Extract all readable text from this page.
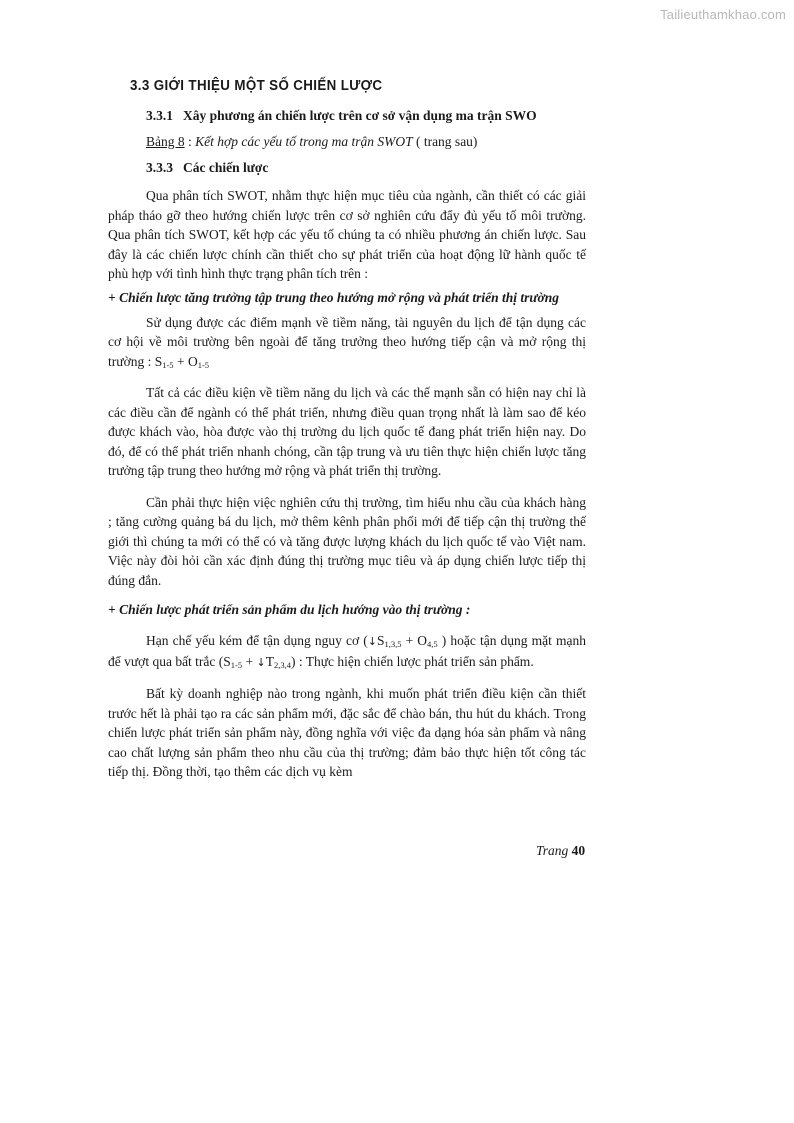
Tailieuthamkhao.com
3.3 GIỚI THIỆU MỘT SỐ CHIẾN LƯỢC
3.3.1 Xây phương án chiến lược trên cơ sở vận dụng ma trận SWO
Bảng 8 : Kết hợp các yếu tố trong ma trận SWOT ( trang sau)
3.3.3 Các chiến lược

Qua phân tích SWOT, nhằm thực hiện mục tiêu của ngành, cần thiết có các giải pháp tháo gỡ theo hướng chiến lược trên cơ sở nghiên cứu đẩy đủ yếu tố môi trường. Qua phân tích SWOT, kết hợp các yếu tố chúng ta có nhiều phương án chiến lược. Sau đây là các chiến lược chính cần thiết cho sự phát triển của hoạt động lữ hành quốc tế phù hợp với tình hình thực trạng phân tích trên :

+ Chiến lược tăng trưởng tập trung theo hướng mở rộng và phát triển thị trường

Sử dụng được các điểm mạnh về tiềm năng, tài nguyên du lịch để tận dụng các cơ hội về môi trường bên ngoài để tăng trưởng theo hướng tiếp cận và mở rộng thị trường : $S_{1-5} + O_{1-5}$

Tất cả các điều kiện về tiềm năng du lịch và các thế mạnh sẵn có hiện nay chỉ là các điều cần để ngành có thể phát triển, nhưng điều quan trọng nhất là làm sao để kéo được khách vào, hòa được vào thị trường du lịch quốc tế đang phát triển hiện nay. Do đó, để có thể phát triển nhanh chóng, cần tập trung và ưu tiên thực hiện chiến lược tăng trưởng tập trung theo hướng mở rộng và phát triển thị trường.

Cần phải thực hiện việc nghiên cứu thị trường, tìm hiểu nhu cầu của khách hàng ; tăng cường quảng bá du lịch, mở thêm kênh phân phối mới để tiếp cận thị trường thế giới thì chúng ta mới có thể có và tăng được lượng khách du lịch quốc tế vào Việt nam. Việc này đòi hỏi cần xác định đúng thị trường mục tiêu và áp dụng chiến lược tiếp thị đúng đắn.

+ Chiến lược phát triển sản phẩm du lịch hướng vào thị trường :

Hạn chế yếu kém để tận dụng nguy cơ ($↓S_{1,3,5} + O_{4,5}$ ) hoặc tận dụng mặt mạnh để vượt qua bất trắc ($S_{1-5}$ + $↓T_{2,3,4}$) : Thực hiện chiến lược phát triển sản phẩm.

Bất kỳ doanh nghiệp nào trong ngành, khi muốn phát triển điều kiện cần thiết trước hết là phải tạo ra các sản phẩm mới, đặc sắc để chào bán, thu hút du khách. Trong chiến lược phát triển sản phẩm này, đồng nghĩa với việc đa dạng hóa sản phẩm và nâng cao chất lượng sản phẩm theo nhu cầu của thị trường; đảm bảo thực hiện tốt công tác tiếp thị. Đồng thời, tạo thêm các dịch vụ kèm

Trang 40
